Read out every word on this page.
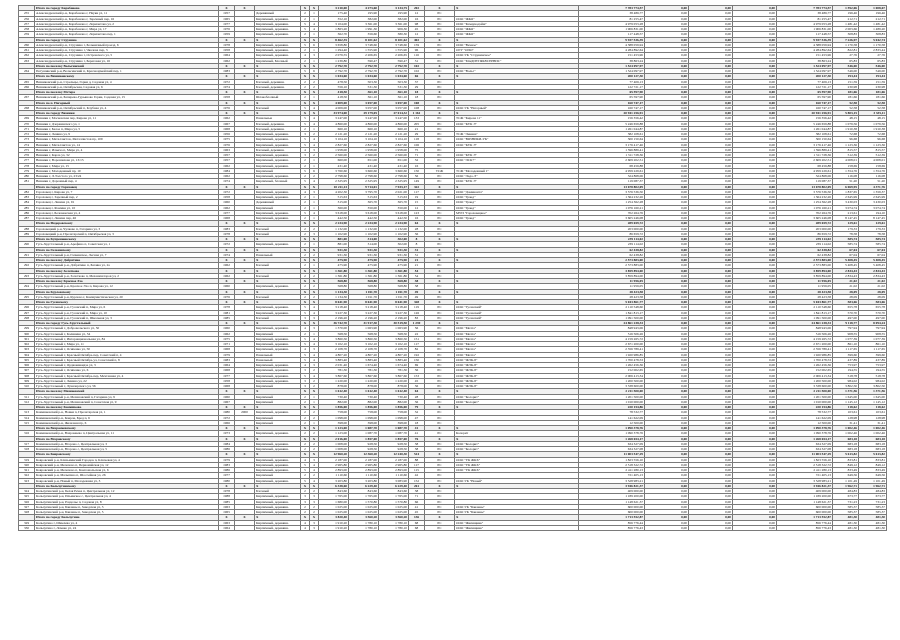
	Итого по городу Карабаново	X	X		X	X	3 210,00	4 273,60	3 134,75	202	X	X	7 783 774,57	0,00	0,00	0,00	7 783 774,57	1 592,06	1 008,67
255	Александровский р-н, Карабаново г, Науки ул, 11	1957		Деревянный	2	1	175,40	195,90	195,90	12	РС		38 486,77	0,00	0,00	0,00	38 486,77	196,46	196,46
256	Александровский р-н, Карабаново г, Заречный пер, 16	1965		Кирпичный, деревянн.	2	1	352,10	382,00	382,00	16	РС	ООО "ЖКО"	81 255,47	0,00	0,00	0,00	81 255,47	212,71	212,71
257	Александровский р-н, Карабаново г, Лермонтова ул, 2	1977		Кирпичный, деревянн.	5	4	3 104,00	3 361,00	3 361,00	98	РС	ООО "Кэмаунадэйш"	4 979 053,28	0,00	0,00	0,00	4 979 053,28	1 481,42	1 481,42
258	Александровский р-н, Карабаново г, Мира ул, 17	1976		Кирпичный, деревянн.	5	4	1 863,20	1 991,30	906,30	45	РС	ООО "ЖКО"	1 906 831,00	0,00	0,00	0,00	1 906 831,00	2 003,66	1 489,20
259	Александровский р-н, Карабаново г, Лермонтова пер, 1	1959		Кирпичный, деревянн.	2	1	362,70	356,60	380,30	12	РС	ООО "ЖКО"	117 448,57	0,00	0,00	0,00	117 448,57	308,83	308,83
	Итого по городу Струнино	X	X	X	X	X	8 462,35	8 101,62	8 101,62	402	X	X	9 937 536,39	0,00	0,00	0,00	9 937 536,39	7 226,97	5 042,74
260	Александровский р-н, Струнино г, Больничный проезд, 6	1978		Кирпичный, деревянн.	5	6	3 658,80	3 748,60	3 748,60	159	РС	ООО "Вечное"	4 388 059,94	0,00	0,00	0,00	4 388 059,94	1 170,58	1 170,58
261	Александровский р-н, Струнино г, Чкалова пер, 3	1958		Кирпичный, деревянн.	2	1	1 294,40	1 555,90	1 555,90	96	РС	ОГУ "ОПО"	4 284 892,64	0,00	0,00	0,00	4 284 892,64	822,81	2 833,44
262	Александровский р-н, Струнино г, Островского ул, 5	1964		Кирпичный, деревянн.	4	3	2 079,55	2 206,65	2 206,65	116	РС	ООО УК "Струнинское"	151 453,96	0,00	0,00	0,00	151 453,96	27,76	27,76
263	Александровский р-н, Струнино г, Береговая ул, 16	1962		Кирпичный, Блочный	2	1	1 239,80	590,47	590,47	31	РС	ООО "МАДИУПРАВСЕРВИС"	38 863,24	0,00	0,00	0,00	38 863,24	65,83	65,83
	Итого по поселку Вольгинский	X	X	X	X	X	2 792,70	2 792,70	2 792,70	102	X	X	1 524 097,97	0,00	0,00	0,00	1 524 097,97	546,00	546,00
264	Петушинский р-н, Вольгинский п, Красноармейский пер, 1	1983		Кирпичный, деревянн.	5	6	2 792,70	2 792,70	2 792,70	102	РС	ООО "Вольг"	1 524 097,97	0,00	0,00	0,00	1 524 097,97	546,00	546,00
	Итого по Вязниковскому	X	X	X	X	X	1 034,60	1 034,60	1 034,60	66	X	X	200 127,30	0,00	0,00	0,00	200 127,30	193,44	193,44
265	Вязниковский р-н, Стрельцы, Горки д, Садовая ул, 4	1972		Блочный, деревянн.	2	2	478,50	503,30	503,30	37	РС		77 406,13	0,00	0,00	0,00	77 406,13	151,59	151,59
266	Вязниковский р-н, Октябрьская, Садовая ул, 6	1974		Блочный, деревянн.	2	2	556,10	531,30	531,30	29	РС		122 721,17	0,00	0,00	0,00	122 721,17	230,98	230,98
	Итого по поселку Мстера	X	X	X	X	X	418,50	361,10	361,10	18	X	X	65 597,90	0,00	0,00	0,00	65 597,90	181,66	181,66
267	Вязниковский р-н, Бахирева-Гурьяново Горки, Садовая ул, 15	1958		Шлакоблочный	2	1	418,50	361,10	361,10	18	РС		65 597,90	0,00	0,00	0,00	65 597,90	181,66	181,66
	Итого по п. Нагорный	X	X	X	X	X	4 009,00	3 057,00	3 057,00	108	X	X	160 747,17	0,00	0,00	0,00	160 747,17	52,58	52,58
268	Вязниковский р-н, Октябрьский п, Клубная ул, 4	1976		Блочный	5	4	4 009,00	3 057,00	3 057,00	108	РС	ООО УК "Нагорный"	160 747,17	0,00	0,00	0,00	160 747,17	52,58	52,58
	Итого по городу Вязники	X	X	X	X	X	33 974,00	29 179,05	27 014,32	1 161	X	X	20 941 256,91	0,00	0,00	0,00	20 941 256,91	5 803,15	3 335,11
269	Вязники г, Московская пер, Кирова ул, 11	1962		Панельные	5	4	3 247,00	3 247,00	3 247,00	133	РС	ТСЖ "Кирова 11"	156 356,42	0,00	0,00	0,00	156 356,42	48,15	48,15
270	Вязники г, Дзержинского ул, 1	1967		Блочный, деревянн.	5	4	4 860,00	4 860,00	4 860,00	205	РС	ООО "КУК Э"	5 246 659,88	0,00	0,00	0,00	5 246 659,88	1 079,56	1 079,56
271	Вязники г, Белое п, Мира ул, 5	1968		Блочный, деревянн.	2	1	660,10	660,10	660,10	21	РС		1 261 044,87	0,00	0,00	0,00	1 261 044,87	1 910,38	1 910,38
272	Вязники г, Ленина ул, 9	1956		Кирпичный, деревянн.	3	2	2 121,20	2 121,20	2 121,20	29	РС	ТСЖ "Ленина"	382 108,61	0,00	0,00	0,00	382 108,61	72,68	72,68
273	Вязники г, Металлистов, Металлистов пр, 109	1975		Кирпичный, деревянн.	5	4	3 104,10	3 104,10	3 104,10	118	РС	ООО "ВЯЗНИКИ-УК"	300 150,64	0,00	0,00	0,00	300 150,64	96,68	96,68
274	Вязники г, Металлистов ул, 14	1976		Кирпичный, деревянн.	5	4	2 827,60	2 827,60	2 827,60	106	РС	ООО "КУК Э"	3 176 417,46	0,00	0,00	0,00	3 176 417,46	1 123,36	1 123,36
275	Вязники г, Ильича п, Мира ул, 4	1963		Блочный, деревянн.	4	3	1 958,00	1 958,00	1 958,00	75	РС		1 596 889,41	0,00	0,00	0,00	1 596 889,41	815,57	815,57
276	Вязники г, Карла ул, 32	1957		Кирпичный, деревянн.	3	2	2 560,00	2 560,00	2 560,00	71	РС	ООО "КУК Э"	1 311 728,36	0,00	0,00	0,00	1 311 728,36	512,39	512,39
277	Вязники г, Ворошилова ул, 13/15	1957		Кирпичный, деревянн.	2	1	660,00	651,00	651,00	32	РС	ООО "ЛСК+"	2 609 202,51	0,00	0,00	0,00	2 609 202,51	4 008,01	4 008,01
278	Вязники г, Мира ул, 15	1962		Кирпичный, деревянн.	2	1	431,40	431,40	431,40	16	РС		68 456,88	0,00	0,00	0,00	68 456,88	158,69	158,69
279	Вязники г, Молодежный пр, 10	1984		Кирпичный	5	6	3 760,60	3 660,60	3 660,60	150	ТСЖ	ТСЖ "Молодежный 1"	4 959 229,61	0,00	0,00	0,00	4 959 229,61	1 354,76	1 354,76
280	Вязники г, Л.Толстого ул, 23/24	1962		Кирпичный, деревянн.	2	2	2 798,60	2 798,60	2 798,60	56	РС	ООО "Ладо-Э"	324 868,06	0,00	0,00	0,00	324 868,06	116,08	116,08
281	Вязники г, Дорожный пер, 4	1974		Кирпичный, блочный	5	4	2 325,95	2 325,95	2 325,95	149	РС	ООО "КУК Э"	119 087,37	0,00	0,00	0,00	119 087,37	51,20	51,20
	Итого по городу Гороховец	X	X	X	X	X	10 211,13	9 714,01	7 933,17	322	X	X	13 678 802,09	0,00	0,00	0,00	13 678 802,09	6 069,95	4 371,76
282	Гороховец г, Кирова ул, 7	1972		Кирпичный, деревянн.	4	3	4 202,30	3 795,70	2 021,00	117	РС	ООО "Доминанта"	3 576 536,50	0,00	0,00	0,00	3 576 536,50	1 837,65	1 359,37
283	Гороховец г, Заречный пер, 2	1958		Кирпичный, деревянн.	2	1	515,63	515,63	515,63	19	РС	ООО "Гранд"	1 364 232,26	0,00	0,00	0,00	1 364 232,26	2 645,99	2 645,99
284	Гороховец г, Ленина ул, 91	1960		Деревянный	2	1	315,00	365,70	365,70	15	РС	ООО "Гранд"	1 254 362,28	0,00	0,00	0,00	1 254 362,28	3 430,03	3 430,03
285	Гороховец г, Фомина ул, 10	1962		Кирпичный	2	1	360,00	350,00	350,00	12	РС	ООО "Гранд"	1 076 160,21	0,00	0,00	0,00	1 076 160,21	3 074,74	3 074,74
286	Гороховец г, Беловежская ул, 4	1977		Кирпичный, деревянн.	5	4	3 618,00	3 618,00	3 618,00	123	РС	МУП "Гороховецкое"	702 264,76	0,00	0,00	0,00	702 264,76	213,61	194,10
287	Гороховец г, Ленина пер, 46	1968		Кирпичный, деревянн.	2	1	442,50	442,50	442,50	16	РС	ООО "Гранд"	3 605 246,08	0,00	0,00	0,00	3 605 246,08	8 147,45	8 147,45
	Итого по Федоровскому	X	X	X	X	X	2 234,90	2 234,90	2 234,90	64	X	X	289 659,72	0,00	0,00	0,00	289 659,72	129,61	129,61
288	Гороховецкий р-н, Чулково п, Гагарина ул, 3	1983		Блочный	2	2	1 132,00	1 132,00	1 132,00	28	РС		203 000,00	0,00	0,00	0,00	203 000,00	179,33	179,33
289	Гороховецкий р-н, Пролетарский п, Октябрьская ул, 3	1978		Блочный	2	3	1 102,90	1 102,90	1 102,90	36	РС		86 659,72	0,00	0,00	0,00	86 659,72	78,58	78,58
	Итого по Купреяновскому	X	X	X	X	X	881,00	314,00	302,00	8	X	X	239 114,02	0,00	0,00	0,00	239 114,02	585,74	585,74
290	Гусь-Хрустальный р-н, Арефино п, Советская ул, 1	1972		Кирпичный, деревянн.	2	1	881,00	314,00	302,00	8	РС		239 114,02	0,00	0,00	0,00	239 114,02	585,74	585,74
	Итого по Галкинскому	X	X	X	X	X	931,30	931,30	931,30	31	X	X	62 438,82	0,00	0,00	0,00	62 438,82	67,04	67,04
291	Гусь-Хрустальный р-н, Галкинское, Лесная ул, 7	1974		Панельный	2	2	931,30	931,30	931,30	31	РС		62 438,82	0,00	0,00	0,00	62 438,82	67,04	67,04
	Итого по поселку Добрятино	X	X	X	X	X	475,90	475,90	475,90	21	X	X	2 573 883,00	0,00	0,00	0,00	2 573 883,00	5 408,45	5 408,45
292	Гусь-Хрустальный р-н, Добрятино п, Бахина ул, 2а	1962		Блочный	2	1	475,90	475,90	475,90	21	РС		2 573 883,00	0,00	0,00	0,00	2 573 883,00	5 408,45	5 408,45
	Итого по поселку Золотково	X	X	X	X	X	1 361,80	1 361,80	1 361,80	54	X	X	3 859 894,00	0,00	0,00	0,00	3 859 894,00	2 834,43	2 834,43
293	Гусь-Хрустальный р-н, Золотково п, Механизаторов ул, 2	1962		Блочный	2	2	1 361,80	1 361,80	1 361,80	54	РС		3 859 894,00	0,00	0,00	0,00	3 859 894,00	2 834,43	2 834,43
	Итого по поселку Красное Эхо	X	X	X	X	X	568,80	568,80	568,80	38	X	X	11 956,05	0,00	0,00	0,00	11 956,05	21,02	21,02
294	Гусь-Хрустальный р-н, Красное Эхо п, Кирова ул, 12	1960		Кирпичный, деревянн.	2	2	568,80	568,80	568,80	38	РС		11 956,05	0,00	0,00	0,00	11 956,05	21,02	21,02
	Итого по Курловскому	X	X	X	X	X	1 134,30	1 011,70	1 011,70	49	X	X	28 423,58	0,00	0,00	0,00	28 423,58	28,09	28,09
295	Гусь-Хрустальный р-н, Курлово г, Коммунистическая ул, 20	1976		Блочный	2	2	1 134,30	1 011,70	1 011,70	49	РС		28 423,58	0,00	0,00	0,00	28 423,58	28,09	28,09
	Итого по Гусевскому	X	X	X	X	X	8 641,90	8 641,90	8 641,90	328	X	X	5 043 861,77	0,00	0,00	0,00	5 043 861,77	583,66	583,66
296	Гусь-Хрустальный р-н, Гусевский п, Мира ул, 6	1978		Кирпичный, деревянн.	5	4	3 218,40	3 218,40	3 218,40	119	РС	ООО "Гусевский"	2 110 548,60	0,00	0,00	0,00	2 110 548,60	655,78	655,78
297	Гусь-Хрустальный р-н, Гусевский п, Мира ул, 10	1981		Кирпичный, деревянн.	5	4	3 227,30	3 227,30	3 227,30	126	РС	ООО "Гусевский"	1 841 813,17	0,00	0,00	0,00	1 841 813,17	570,70	570,70
298	Гусь-Хрустальный р-н, Гусевский п, Школьная ул, 3	1985		Блочный	3	3	2 196,20	2 196,20	2 196,20	83	РС	ООО "Гусевский"	1 091 500,00	0,00	0,00	0,00	1 091 500,00	497,00	497,00
	Итого по городу Гусь-Хрустальный	X	X	X	X	X	36 742,70	31 917,30	30 519,50	1 239	X	X	24 861 238,33	0,00	0,00	0,00	24 861 238,33	9 118,77	8 094,24
299	Гусь-Хрустальный г, Добровольского ул, 50	1960		Кирпичный, деревянн.	4	3	1 370,00	1 063,90	1 063,90	56	РС	ООО "Мечта"	848 943,06	0,00	0,00	0,00	848 943,06	797,94	797,94
300	Гусь-Хрустальный г, Калинина ул, 34	1962		Кирпичный	2	1	568,50	568,50	568,50	22	РС	ООО "Мечта"	516 506,26	0,00	0,00	0,00	516 506,26	908,55	908,55
301	Гусь-Хрустальный г, Интернациональная ул, 84	1975		Кирпичный, деревянн.	5	4	3 860,50	3 860,50	3 860,50	151	РС	ООО "Мечта"	4 159 265,72	0,00	0,00	0,00	4 159 265,72	1 077,39	1 077,39
302	Гусь-Хрустальный г, Мира ул, 11	1971		Кирпичный, деревянн.	5	4	3 102,10	3 102,10	3 102,10	117	РС	ООО "Мечта"	2 671 200,00	0,00	0,00	0,00	2 671 200,00	861,10	861,10
303	Гусь-Хрустальный г, Осипенко ул, 50	1968		Кирпичный, деревянн.	4	3	2 108,70	2 108,70	2 108,70	82	РС	ООО "Мечта"	2 356 789,41	0,00	0,00	0,00	2 356 789,41	1 117,65	1 117,65
304	Гусь-Хрустальный г, Красный Октябрь пер, Советский п, 4	1979		Панельный	5	4	4 807,20	4 807,20	4 807,20	192	РС	ООО "Мечта"	1 920 986,85	0,00	0,00	0,00	1 920 986,85	399,60	399,60
305	Гусь-Хрустальный г, Красный Октябрь ул, Советский п, 8	1983		Панельный	5	4	3 883,40	3 883,40	3 883,40	150	РС	ООО "ЖЭК-8"	1 700 478,53	0,00	0,00	0,00	1 700 478,53	437,89	437,89
306	Гусь-Хрустальный г, Орджоникидзе ул, 3	1964		Кирпичный, деревянн.	4	3	2 031,40	1 674,40	1 674,40	69	РС	ООО "ЖЭК-8"	1 262 456,36	0,00	0,00	0,00	1 262 456,36	753,97	753,97
307	Гусь-Хрустальный г, Осипенко ул, 6	1968		Кирпичный, деревянн.	3	2	781,30	781,30	781,30	36	РС	ООО "ЖЭК-8"	152 002,65	0,00	0,00	0,00	152 002,65	194,55	194,55
308	Гусь-Хрустальный г, Красный Октябрь пер, Мечтанная ул, 4	1977		Кирпичный, деревянн.	5	4	3 867,60	3 867,60	3 867,60	153	РС	ООО "ЖЭК-8"	2 006 413,34	0,00	0,00	0,00	2 006 413,34	518,78	518,78
309	Гусь-Хрустальный г, Ленина ул, 22	1958		Кирпичный, деревянн.	3	2	1 220,00	1 220,00	1 220,00	45	РС	ООО "ЖЭК-8"	1 200 500,00	0,00	0,00	0,00	1 200 500,00	984,02	984,02
310	Гусь-Хрустальный г, Луначарского ул, 56	1968		Кирпичный	3	2	878,00	878,00	878,00	36	РС	ООО "ЖЭК-8"	3 338 600,00	0,00	0,00	0,00	3 338 600,00	3 802,50	3 802,50
	Итого по поселку Мезиновский	X	X	X	X	X	1 612,40	1 612,40	1 612,40	64	X	X	2 211 500,00	0,00	0,00	0,00	2 211 500,00	1 371,56	1 371,56
311	Гусь-Хрустальный р-н, Мезиновский п, Гагарина ул, 9	1960		Кирпичный	2	1	730,40	730,40	730,40	28	РС	ООО "Колорит"	1 201 500,00	0,00	0,00	0,00	1 201 500,00	1 645,00	1 645,00
312	Гусь-Хрустальный р-н, Мезиновский п, Советская ул, 9	1967		Кирпичный	2	1	882,00	882,00	882,00	36	РС	ООО "Колорит"	1 010 000,00	0,00	0,00	0,00	1 010 000,00	1 145,12	1 145,12
	Итого по поселку Камешково	X	X	X	X	X	1 856,00	1 856,00	1 856,00	79	X	X	220 154,86	0,00	0,00	0,00	220 154,86	118,62	118,62
313	Камешковский р-н, Новки п, Пролетарская ул, 1	1980	2000	Кирпичный, деревянн.	2	2	758,00	758,00	758,00	32	РС		78 532,77	0,00	0,00	0,00	78 532,77	103,61	103,61
314	Камешковский р-н, Ковров, Брод п, 6	1972		Кирпичный	2	2	1 098,00	1 098,00	1 098,00	47	РС		141 622,09	0,00	0,00	0,00	141 622,09	128,98	128,98
315	Камешковский р-н, Железная пр, 6	1966		Кирпичный	2	1	398,00	398,00	398,00	18	РС		12 500,00	0,00	0,00	0,00	12 500,00	31,41	31,41
	Итого по Вахромеевскому	X	X	X	X	X	1 123,00	1 087,70	1 087,70	41	X	X	1 090 378,76	0,00	0,00	0,00	1 090 378,76	1 002,46	1 002,46
316	Камешковский р-н, Вахромеево п, Центральная ул, 11	1973		Кирпичный, деревянн.	2	2	1 123,00	1 087,70	1 087,70	41	РС	Колорит	1 090 378,76	0,00	0,00	0,00	1 090 378,76	1 002,46	1 002,46
	Итого по Второвскому	X	X	X	X	X	2 016,00	1 857,00	1 857,00	76	X	X	1 268 654,17	0,00	0,00	0,00	1 268 654,17	683,18	683,18
317	Камешковский р-н, Второво с, Центральная ул, 3	1984		Кирпичный, деревянн.	2	2	1 008,00	928,50	928,50	38	РС	ООО "Колорит"	634 327,09	0,00	0,00	0,00	634 327,09	683,18	683,18
318	Камешковский р-н, Второво с, Центральная ул, 5	1986		Кирпичный, деревянн.	2	2	1 008,00	928,50	928,50	38	РС	ООО "Колорит"	634 327,08	0,00	0,00	0,00	634 327,08	683,18	683,18
	Итого по Ковровскому	X	X	X	X	X	12 960,20	12 360,20	12 240,30	514	X	X	11 003 547,29	0,00	0,00	0,00	11 003 547,29	5 613,82	5 613,82
319	Ковровский р-н, Клязьминский Городок п, Ключевая ул, 4	1979		Кирпичный, деревянн.	4	3	2 187,00	2 187,00	2 187,00	88	РС	ООО "УК ЖКХ"	1 823 556,10	0,00	0,00	0,00	1 823 556,10	833,81	833,81
320	Ковровский р-н, Мелехово п, Первомайская ул, 12	1983		Кирпичный, деревянн.	5	4	2 965,80	2 965,80	2 965,80	117	РС	ООО "УК ЖКХ"	2 518 322,72	0,00	0,00	0,00	2 518 322,72	849,12	849,12
321	Ковровский р-н, Мелехово п, Комсомольская ул, 6	1986		Кирпичный, деревянн.	5	4	2 893,00	2 893,00	2 893,00	115	РС	ООО "УК ЖКХ"	2 411 280,13	0,00	0,00	0,00	2 411 280,13	833,49	833,49
322	Ковровский р-н, Малыгино п, Шоссейная ул, 26	1977		Кирпичный	2	2	1 110,60	1 110,60	1 110,60	42	РС		721 405,13	0,00	0,00	0,00	721 405,13	649,56	649,56
323	Ковровский р-н, Новый п, Молодежная ул, 3	1980		Кирпичный, деревянн.	5	4	3 203,80	3 203,80	3 083,90	152	РС	ООО УК "Новый"	3 528 983,21	0,00	0,00	0,00	3 528 983,21	1 101,49	1 101,49
	Итого по Кольчугинскому	X	X	X	X	X	6 338,60	6 229,40	6 229,40	261	X	X	3 946 821,37	0,00	0,00	0,00	3 946 821,37	1 962,71	1 962,71
324	Кольчугинский р-н, Белая Речка п, Центральная ул, 12	1978		Блочный	2	2	843,60	843,60	843,60	38	РС		409 000,00	0,00	0,00	0,00	409 000,00	484,83	484,83
325	Кольчугинский р-н, Ильинское с, Центральная ул, 4	1988		Кирпичный, деревянн.	3	3	1 765,00	1 765,00	1 765,00	71	РС		1 189 200,00	0,00	0,00	0,00	1 189 200,00	673,77	673,77
326	Кольчугинский р-н, Раздолье п, Садовая ул, 8	1985		Кирпичный, деревянн.	3	3	1 680,00	1 570,80	1 570,80	66	РС		1 148 621,37	0,00	0,00	0,00	1 148 621,37	731,23	731,23
327	Кольчугинский р-н, Бавлены п, Заводская ул, 3	1963		Кирпичный, деревянн.	2	2	1 025,00	1 025,00	1 025,00	41	РС	ООО УК "Бавлены"	600 000,00	0,00	0,00	0,00	600 000,00	585,37	585,37
328	Кольчугинский р-н, Бавлены п, Заводская ул, 5	1965		Кирпичный, деревянн.	2	2	1 025,00	1 025,00	1 025,00	45	РС	ООО УК "Бавлены"	600 000,00	0,00	0,00	0,00	600 000,00	585,37	585,37
	Итого по городу Кольчугино	X	X	X	X	X	3 820,40	3 560,20	3 560,20	136	X	X	1 713 552,87	0,00	0,00	0,00	1 713 552,87	481,30	481,30
329	Кольчугино г, Шмелева ул, 4	1963		Кирпичный, деревянн.	4	3	1 910,20	1 780,10	1 780,10	68	РС	ООО "Жилищник"	856 776,44	0,00	0,00	0,00	856 776,44	481,30	481,30
330	Кольчугино г, Ломако ул, 24	1964		Кирпичный, деревянн.	4	3	1 910,20	1 780,10	1 780,10	68	РС	ООО "Жилищник"	856 776,43	0,00	0,00	0,00	856 776,43	481,30	481,30
